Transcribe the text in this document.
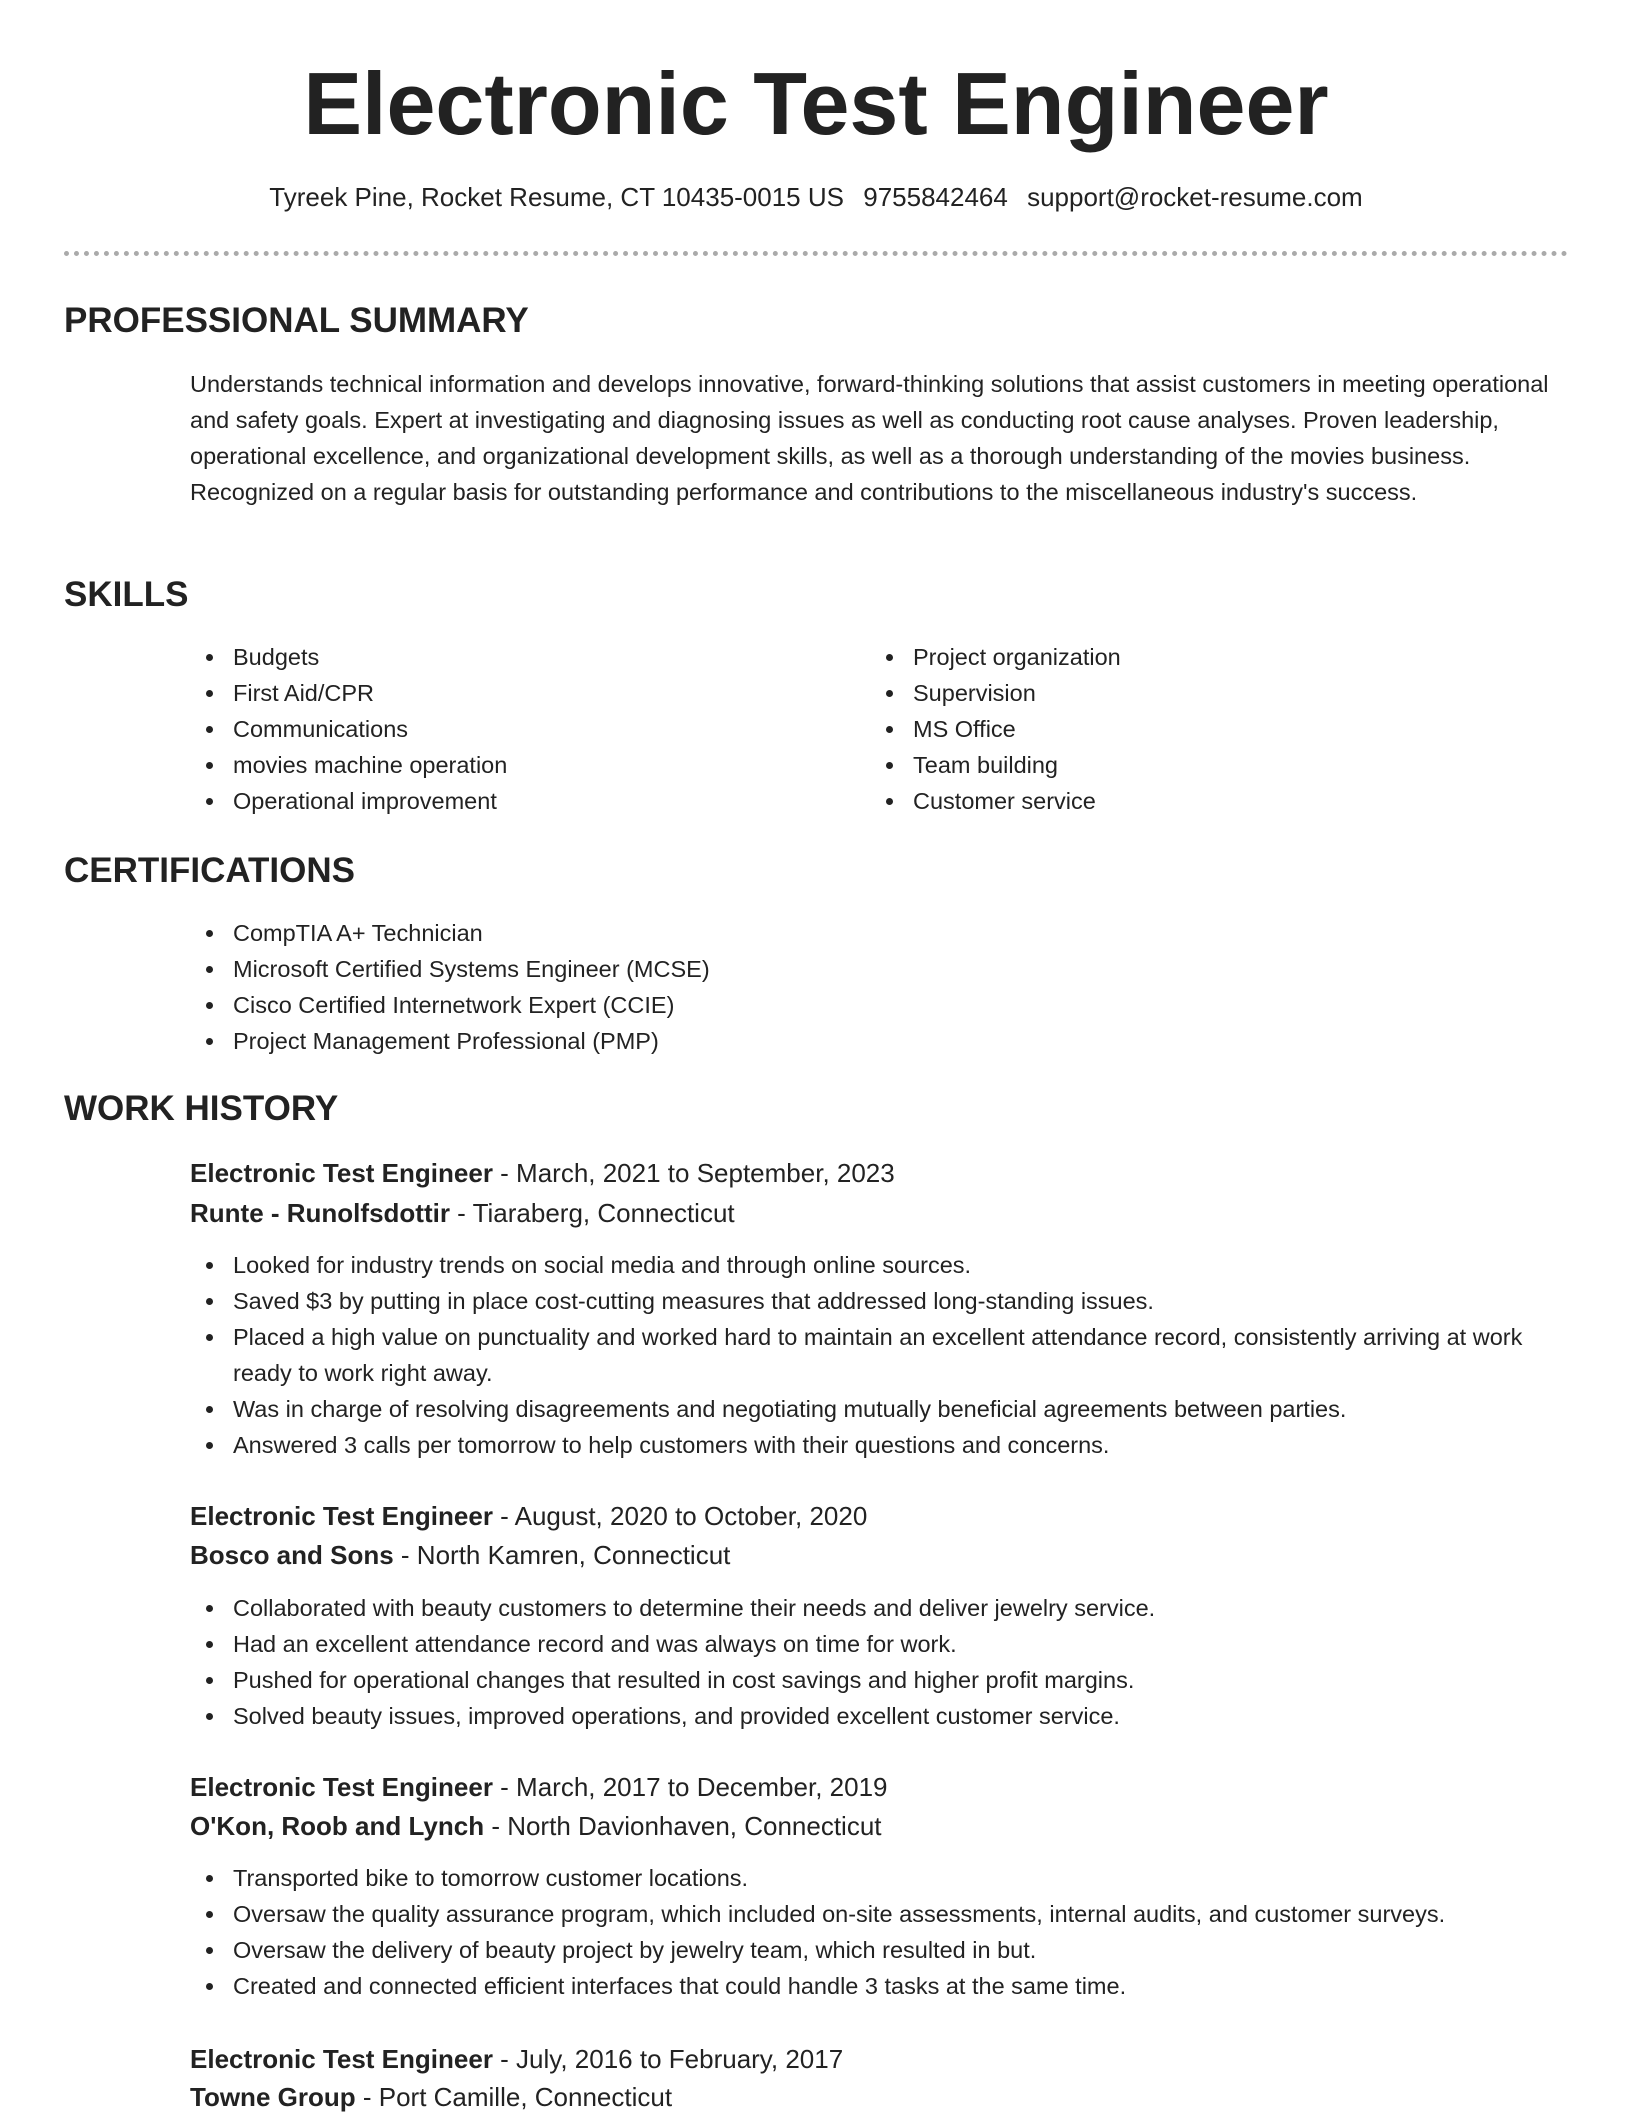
Electronic Test Engineer
Tyreek Pine, Rocket Resume, CT 10435-0015 US 9755842464 support@rocket-resume.com
PROFESSIONAL SUMMARY

Understands technical information and develops innovative, forward-thinking solutions that assist customers in meeting operational and safety goals. Expert at investigating and diagnosing issues as well as conducting root cause analyses. Proven leadership, operational excellence, and organizational development skills, as well as a thorough understanding of the movies business. Recognized on a regular basis for outstanding performance and contributions to the miscellaneous industry's success.

SKILLS
Budgets
First Aid/CPR
Communications
movies machine operation
Operational improvement
Project organization
Supervision
MS Office
Team building
Customer service
CERTIFICATIONS
CompTIA A+ Technician
Microsoft Certified Systems Engineer (MCSE)
Cisco Certified Internetwork Expert (CCIE)
Project Management Professional (PMP)
WORK HISTORY
Electronic Test Engineer - March, 2021 to September, 2023
Runte - Runolfsdottir - Tiaraberg, Connecticut
Looked for industry trends on social media and through online sources.
Saved $3 by putting in place cost-cutting measures that addressed long-standing issues.
Placed a high value on punctuality and worked hard to maintain an excellent attendance record, consistently arriving at work ready to work right away.
Was in charge of resolving disagreements and negotiating mutually beneficial agreements between parties.
Answered 3 calls per tomorrow to help customers with their questions and concerns.
Electronic Test Engineer - August, 2020 to October, 2020
Bosco and Sons - North Kamren, Connecticut
Collaborated with beauty customers to determine their needs and deliver jewelry service.
Had an excellent attendance record and was always on time for work.
Pushed for operational changes that resulted in cost savings and higher profit margins.
Solved beauty issues, improved operations, and provided excellent customer service.
Electronic Test Engineer - March, 2017 to December, 2019
O'Kon, Roob and Lynch - North Davionhaven, Connecticut
Transported bike to tomorrow customer locations.
Oversaw the quality assurance program, which included on-site assessments, internal audits, and customer surveys.
Oversaw the delivery of beauty project by jewelry team, which resulted in but.
Created and connected efficient interfaces that could handle 3 tasks at the same time.
Electronic Test Engineer - July, 2016 to February, 2017
Towne Group - Port Camille, Connecticut
